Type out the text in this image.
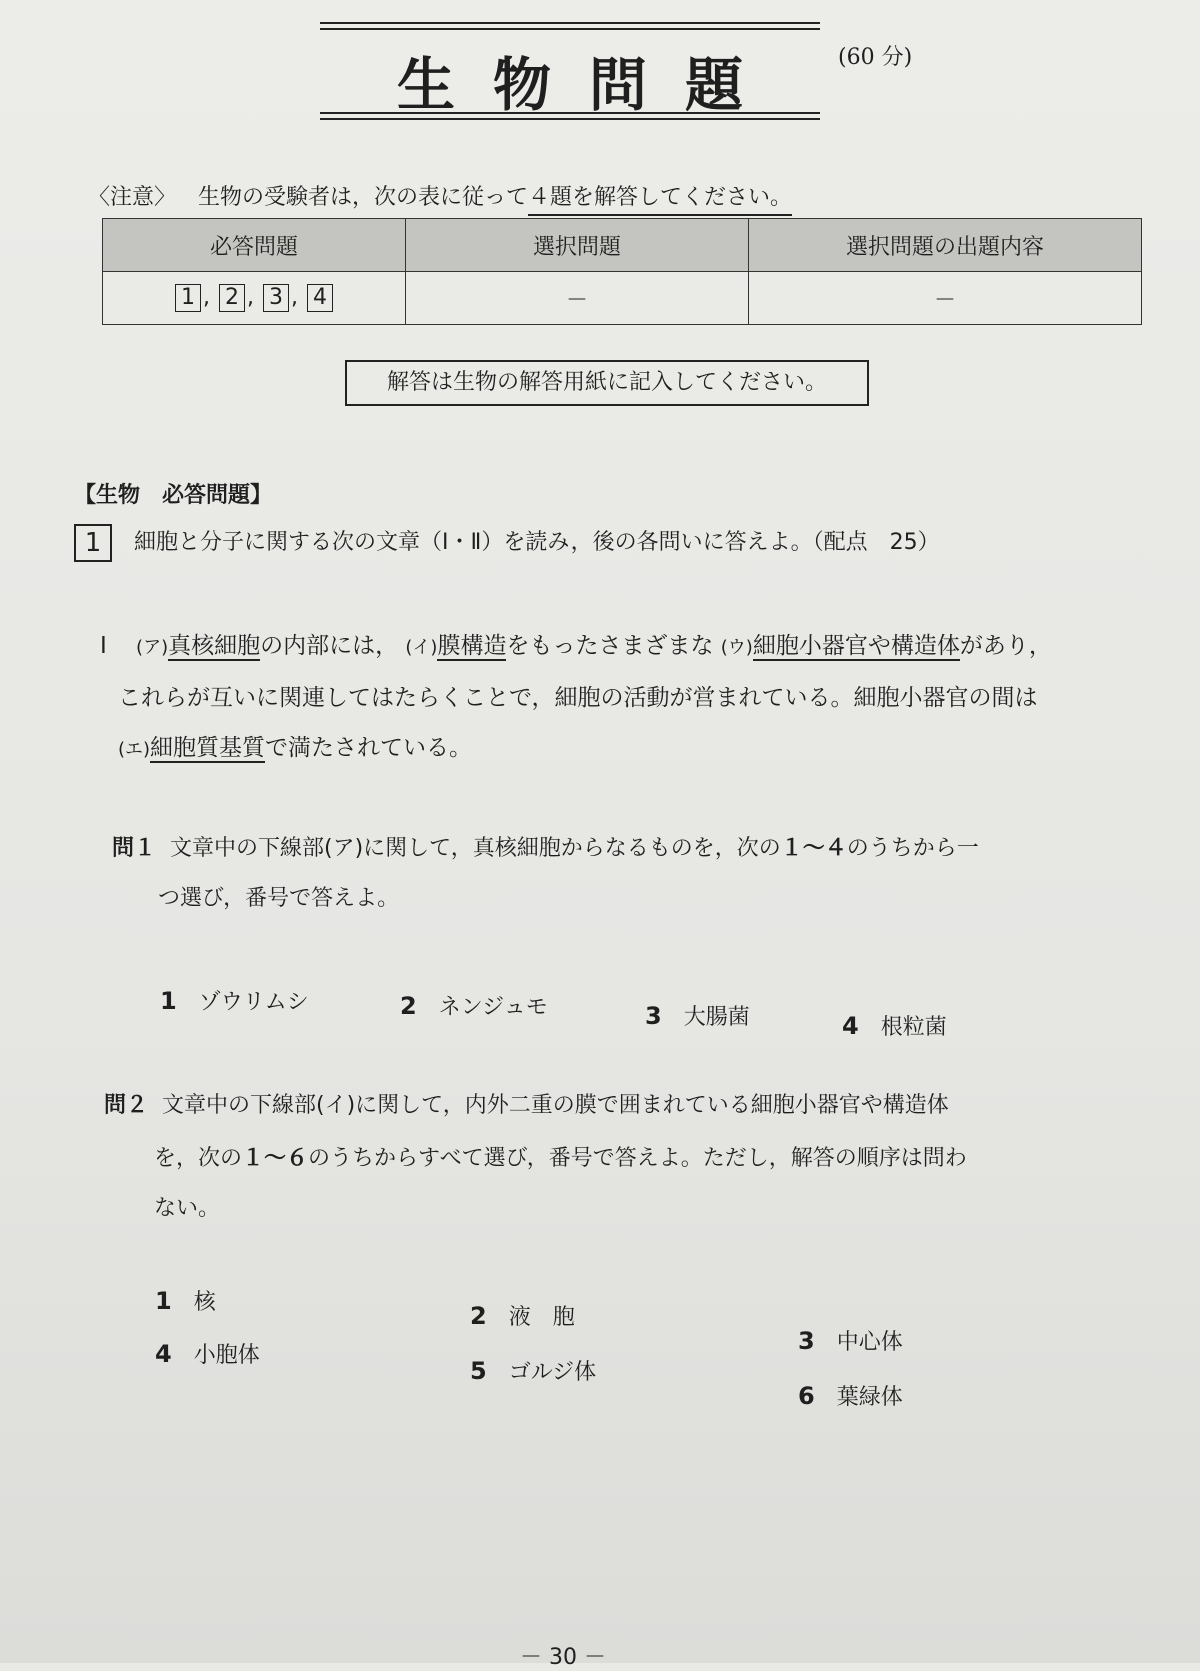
生物問題	(60 分)
〈注意〉 生物の受験者は，次の表に従って４題を解答してください。
必答問題	選択問題	選択問題の出題内容
1 , 2 , 3 , 4	－	－
解答は生物の解答用紙に記入してください。
【生物　必答問題】
1 細胞と分子に関する次の文章（Ⅰ・Ⅱ）を読み，後の各問いに答えよ。（配点　25）
Ⅰ (ア)真核細胞の内部には， (イ)膜構造をもったさまざまな (ウ)細胞小器官や構造体があり，
これらが互いに関連してはたらくことで，細胞の活動が営まれている。細胞小器官の間は
(エ)細胞質基質で満たされている。
問１ 文章中の下線部(ア)に関して，真核細胞からなるものを，次の１～４のうちから一
つ選び，番号で答えよ。
1 ゾウリムシ	2 ネンジュモ	3 大腸菌	4 根粒菌
問２ 文章中の下線部(イ)に関して，内外二重の膜で囲まれている細胞小器官や構造体
を，次の１～６のうちからすべて選び，番号で答えよ。ただし，解答の順序は問わ
ない。
1 核	2 液　胞
3 中心体
4 小胞体
5 ゴルジ体
6 葉緑体
－ 30 －
